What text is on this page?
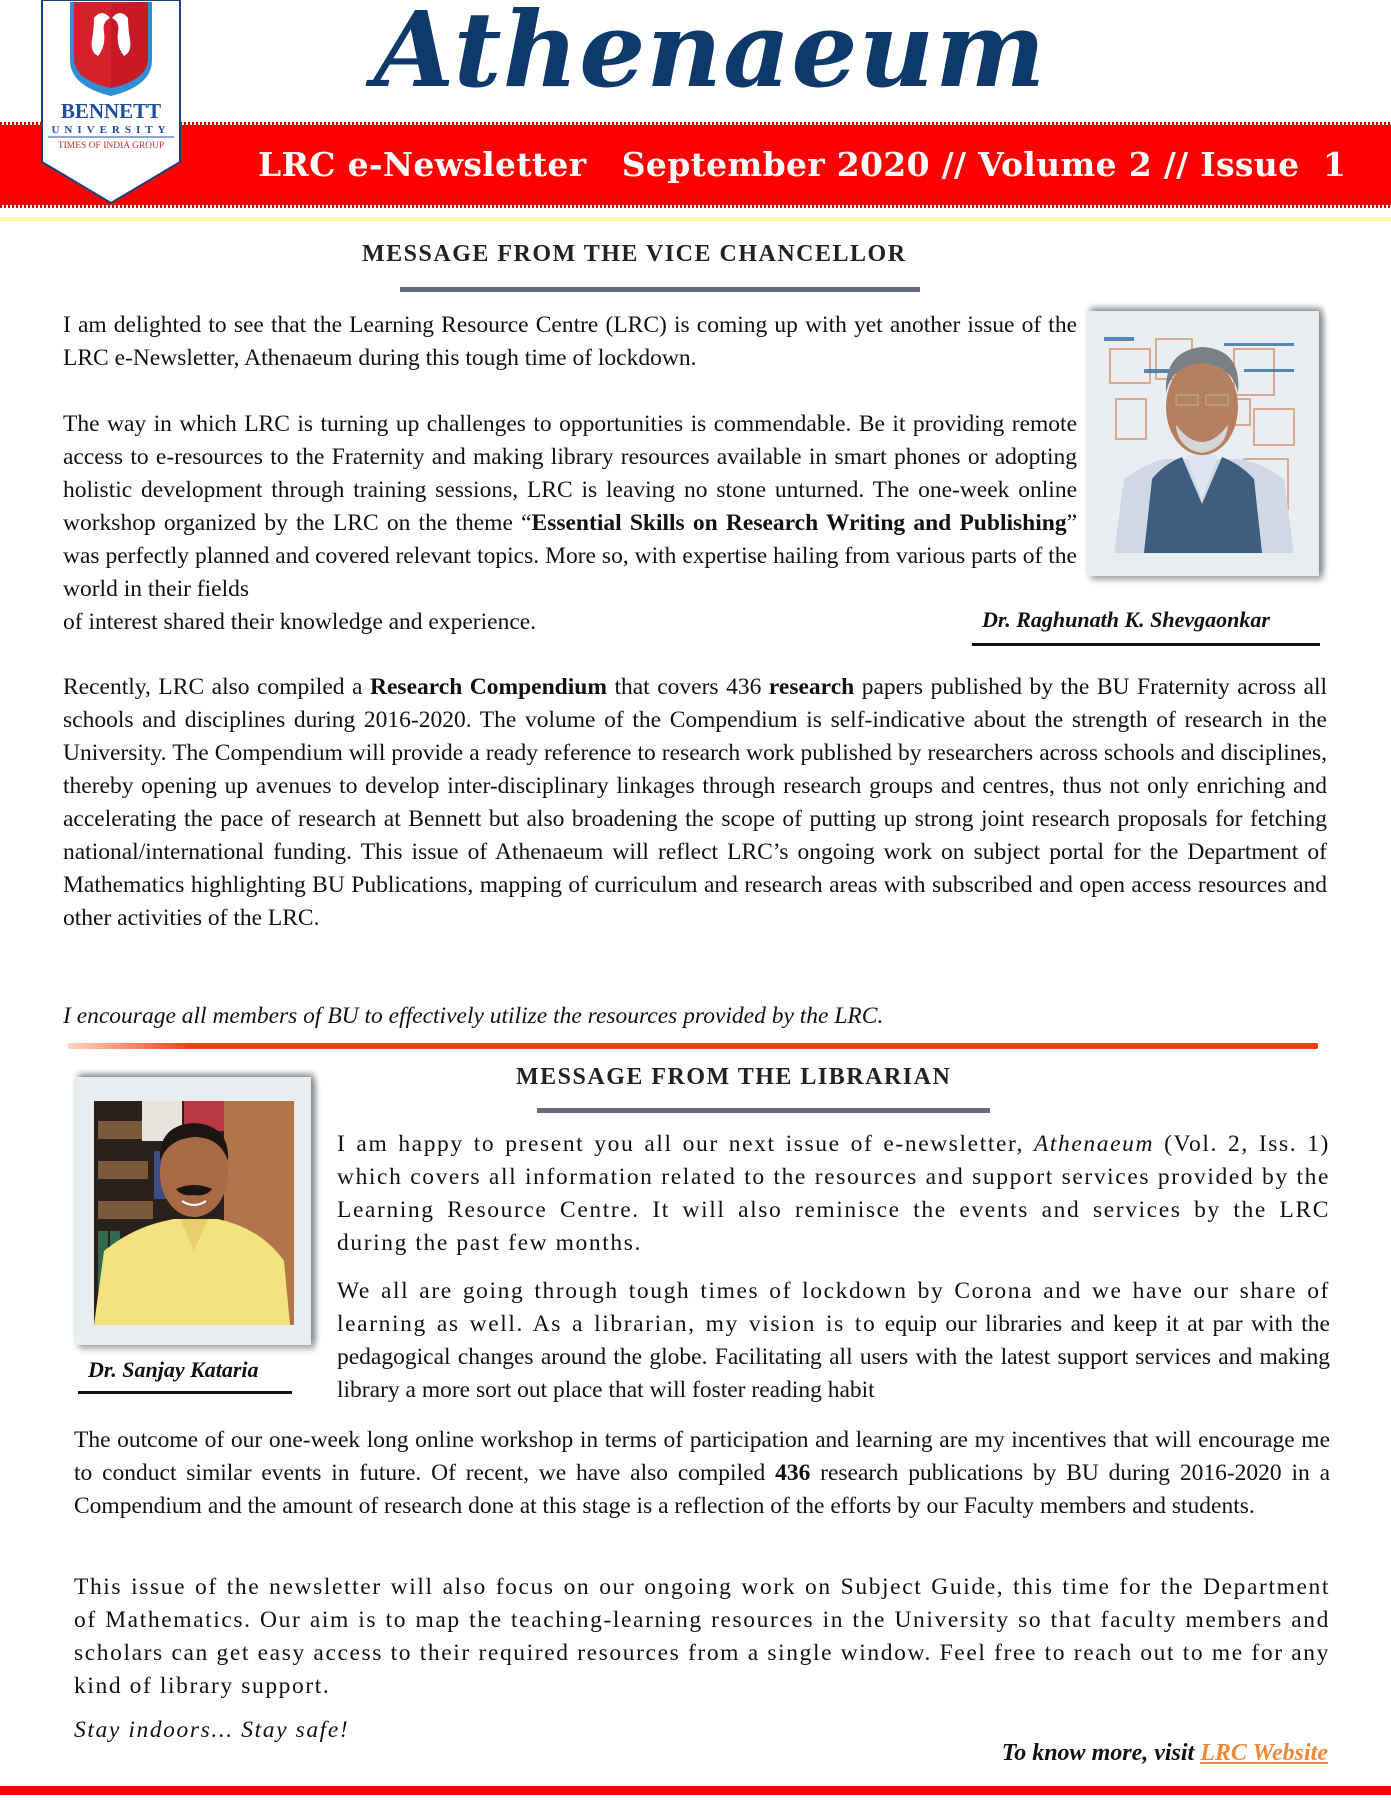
BENNETT
UNIVERSITY
TIMES OF INDIA GROUP
Athenaeum
LRC e-Newsletter   September 2020 // Volume 2 // Issue  1
MESSAGE FROM THE VICE CHANCELLOR
I am delighted to see that the Learning Resource Centre (LRC) is coming up with yet another issue of the LRC e-Newsletter, Athenaeum during this tough time of lockdown.
The way in which LRC is turning up challenges to opportunities is commendable. Be it providing remote access to e-resources to the Fraternity and making library resources available in smart phones or adopting holistic development through training sessions, LRC is leaving no stone unturned. The one-week online workshop organized by the LRC on the theme “Essential Skills on Research Writing and Publishing” was perfectly planned and covered relevant topics. More so, with expertise hailing from various parts of the world in their fields
of interest shared their knowledge and experience.	Dr. Raghunath K. Shevgaonkar
Recently, LRC also compiled a Research Compendium that covers 436 research papers published by the BU Fraternity across all schools and disciplines during 2016-2020. The volume of the Compendium is self-indicative about the strength of research in the University. The Compendium will provide a ready reference to research work published by researchers across schools and disciplines, thereby opening up avenues to develop inter-disciplinary linkages through research groups and centres, thus not only enriching and accelerating the pace of research at Bennett but also broadening the scope of putting up strong joint research proposals for fetching national/international funding. This issue of Athenaeum will reflect LRC’s ongoing work on subject portal for the Department of Mathematics highlighting BU Publications, mapping of curriculum and research areas with subscribed and open access resources and other activities of the LRC.
I encourage all members of BU to effectively utilize the resources provided by the LRC.
MESSAGE FROM THE LIBRARIAN
Dr. Sanjay Kataria
I am happy to present you all our next issue of e-newsletter, Athenaeum (Vol. 2, Iss. 1) which covers all information related to the resources and support services provided by the Learning Resource Centre. It will also reminisce the events and services by the LRC during the past few months.
We all are going through tough times of lockdown by Corona and we have our share of learning as well. As a librarian, my vision is to equip our libraries and keep it at par with the pedagogical changes around the globe. Facilitating all users with the latest support services and making library a more sort out place that will foster reading habit
The outcome of our one-week long online workshop in terms of participation and learning are my incentives that will encourage me to conduct similar events in future. Of recent, we have also compiled 436 research publications by BU during 2016-2020 in a Compendium and the amount of research done at this stage is a reflection of the efforts by our Faculty members and students.
This issue of the newsletter will also focus on our ongoing work on Subject Guide, this time for the Department of Mathematics. Our aim is to map the teaching-learning resources in the University so that faculty members and scholars can get easy access to their required resources from a single window. Feel free to reach out to me for any kind of library support.
Stay indoors... Stay safe!
To know more, visit LRC Website
